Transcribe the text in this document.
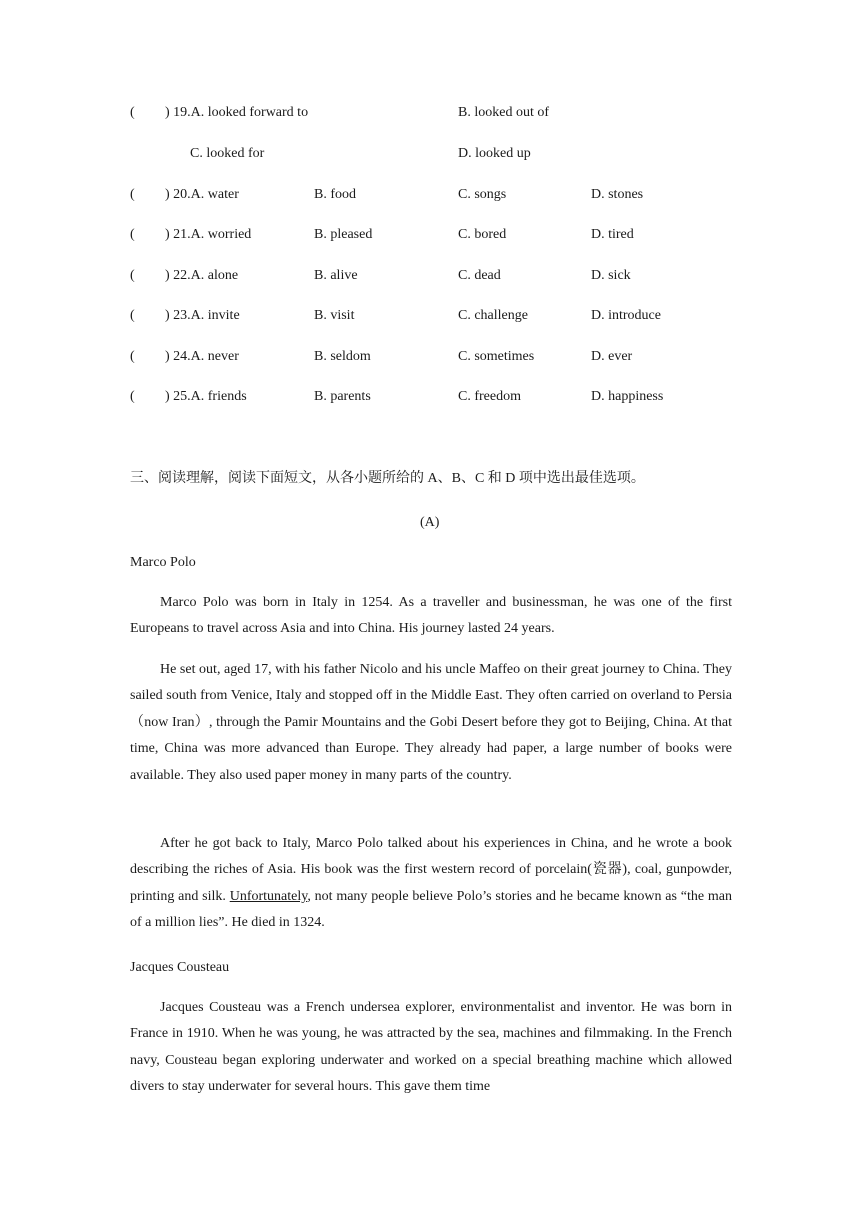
( ) 19.A. looked forward to	B. looked out of
C. looked for	D. looked up
( ) 20.A. water	B. food	C. songs	D. stones
( ) 21.A. worried	B. pleased	C. bored	D. tired
( ) 22.A. alone	B. alive	C. dead	D. sick
( ) 23.A. invite	B. visit	C. challenge	D. introduce
( ) 24.A. never	B. seldom	C. sometimes	D. ever
( ) 25.A. friends	B. parents	C. freedom	D. happiness
三、阅读理解，阅读下面短文，从各小题所给的 A、B、C 和 D 项中选出最佳选项。
(A)
Marco Polo
Marco Polo was born in Italy in 1254. As a traveller and businessman, he was one of the first Europeans to travel across Asia and into China. His journey lasted 24 years.
He set out, aged 17, with his father Nicolo and his uncle Maffeo on their great journey to China. They sailed south from Venice, Italy and stopped off in the Middle East. They often carried on overland to Persia（now Iran）, through the Pamir Mountains and the Gobi Desert before they got to Beijing, China. At that time, China was more advanced than Europe. They already had paper, a large number of books were available. They also used paper money in many parts of the country.
After he got back to Italy, Marco Polo talked about his experiences in China, and he wrote a book describing the riches of Asia. His book was the first western record of porcelain(瓷器), coal, gunpowder, printing and silk. Unfortunately, not many people believe Polo’s stories and he became known as “the man of a million lies”. He died in 1324.
Jacques Cousteau
Jacques Cousteau was a French undersea explorer, environmentalist and inventor. He was born in France in 1910. When he was young, he was attracted by the sea, machines and filmmaking. In the French navy, Cousteau began exploring underwater and worked on a special breathing machine which allowed divers to stay underwater for several hours. This gave them time
